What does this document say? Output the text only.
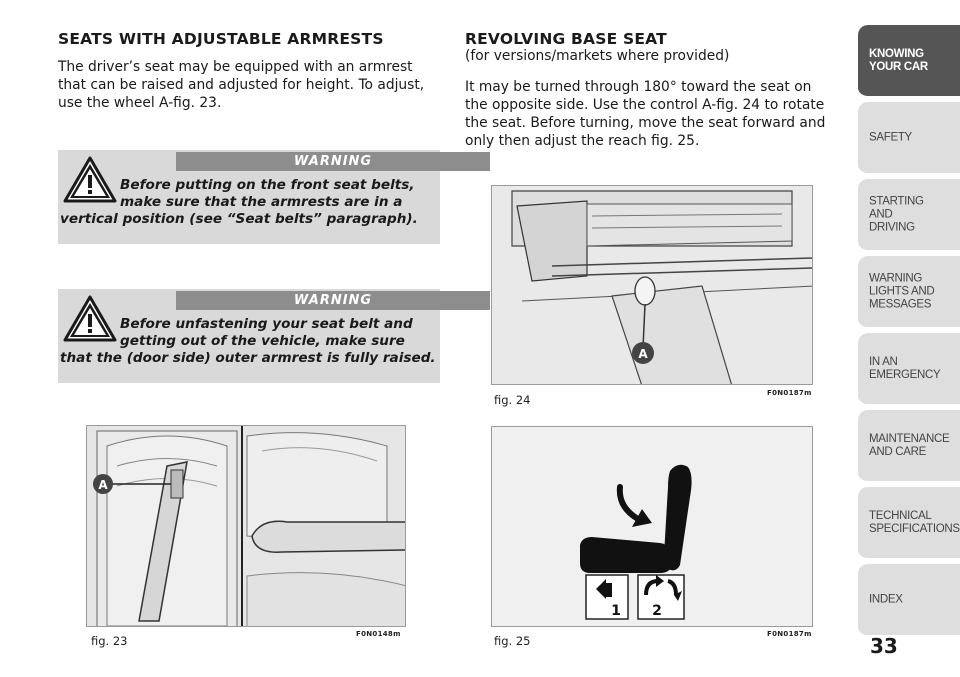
SEATS WITH ADJUSTABLE ARMRESTS
The driver’s seat may be equipped with an armrest that can be raised and adjusted for height. To adjust, use the wheel A-fig. 23.
WARNING
Before putting on the front seat belts,
make sure that the armrests are in a
vertical position (see “Seat belts” paragraph).
WARNING
Before unfastening your seat belt and
getting out of the vehicle, make sure
that the (door side) outer armrest is fully raised.
A
fig. 23	F0N0148m
REVOLVING BASE SEAT
(for versions/markets where provided)
It may be turned through 180° toward the seat on the opposite side. Use the control A-fig. 24 to rotate the seat. Before turning, move the seat forward and only then adjust the reach fig. 25.
A
fig. 24	F0N0187m
1 2
fig. 25	F0N0187m
KNOWING
YOUR CAR
SAFETY
STARTING
AND
DRIVING
WARNING
LIGHTS AND
MESSAGES
IN AN
EMERGENCY
MAINTENANCE
AND CARE
TECHNICAL
SPECIFICATIONS
INDEX
33
